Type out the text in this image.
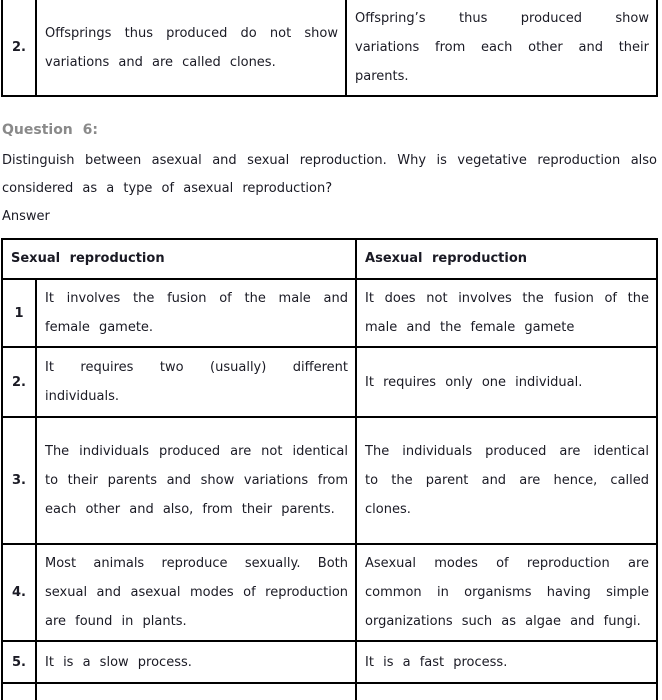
2.	Offsprings thus produced do not show variations and are called clones.	Offspring’s thus produced show variations from each other and their parents.
Question 6:
Distinguish between asexual and sexual reproduction. Why is vegetative reproduction also considered as a type of asexual reproduction?
Answer
Sexual reproduction		Asexual reproduction
1	It involves the fusion of the male and female gamete.	It does not involves the fusion of the male and the female gamete
2.	It requires two (usually) different individuals.	It requires only one individual.
3.	The individuals produced are not identical to their parents and show variations from each other and also, from their parents.	The individuals produced are identical to the parent and are hence, called clones.
4.	Most animals reproduce sexually. Both sexual and asexual modes of reproduction are found in plants.	Asexual modes of reproduction are common in organisms having simple organizations such as algae and fungi.
5.	It is a slow process.	It is a fast process.
